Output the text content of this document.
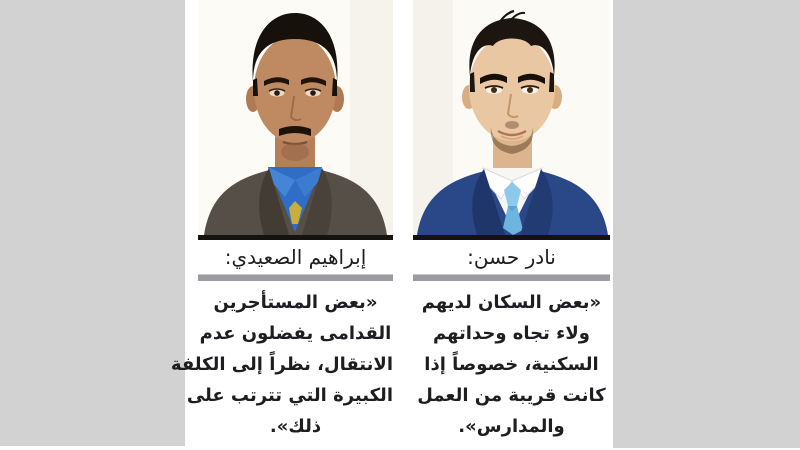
إبراهيم الصعيدي:

«بعض المستأجرين
القدامى يفضلون عدم
الانتقال، نظراً إلى الكلفة
الكبيرة التي تترتب على
ذلك».

نادر حسن:

«بعض السكان لديهم
ولاء تجاه وحداتهم
السكنية، خصوصاً إذا
كانت قريبة من العمل
والمدارس».
